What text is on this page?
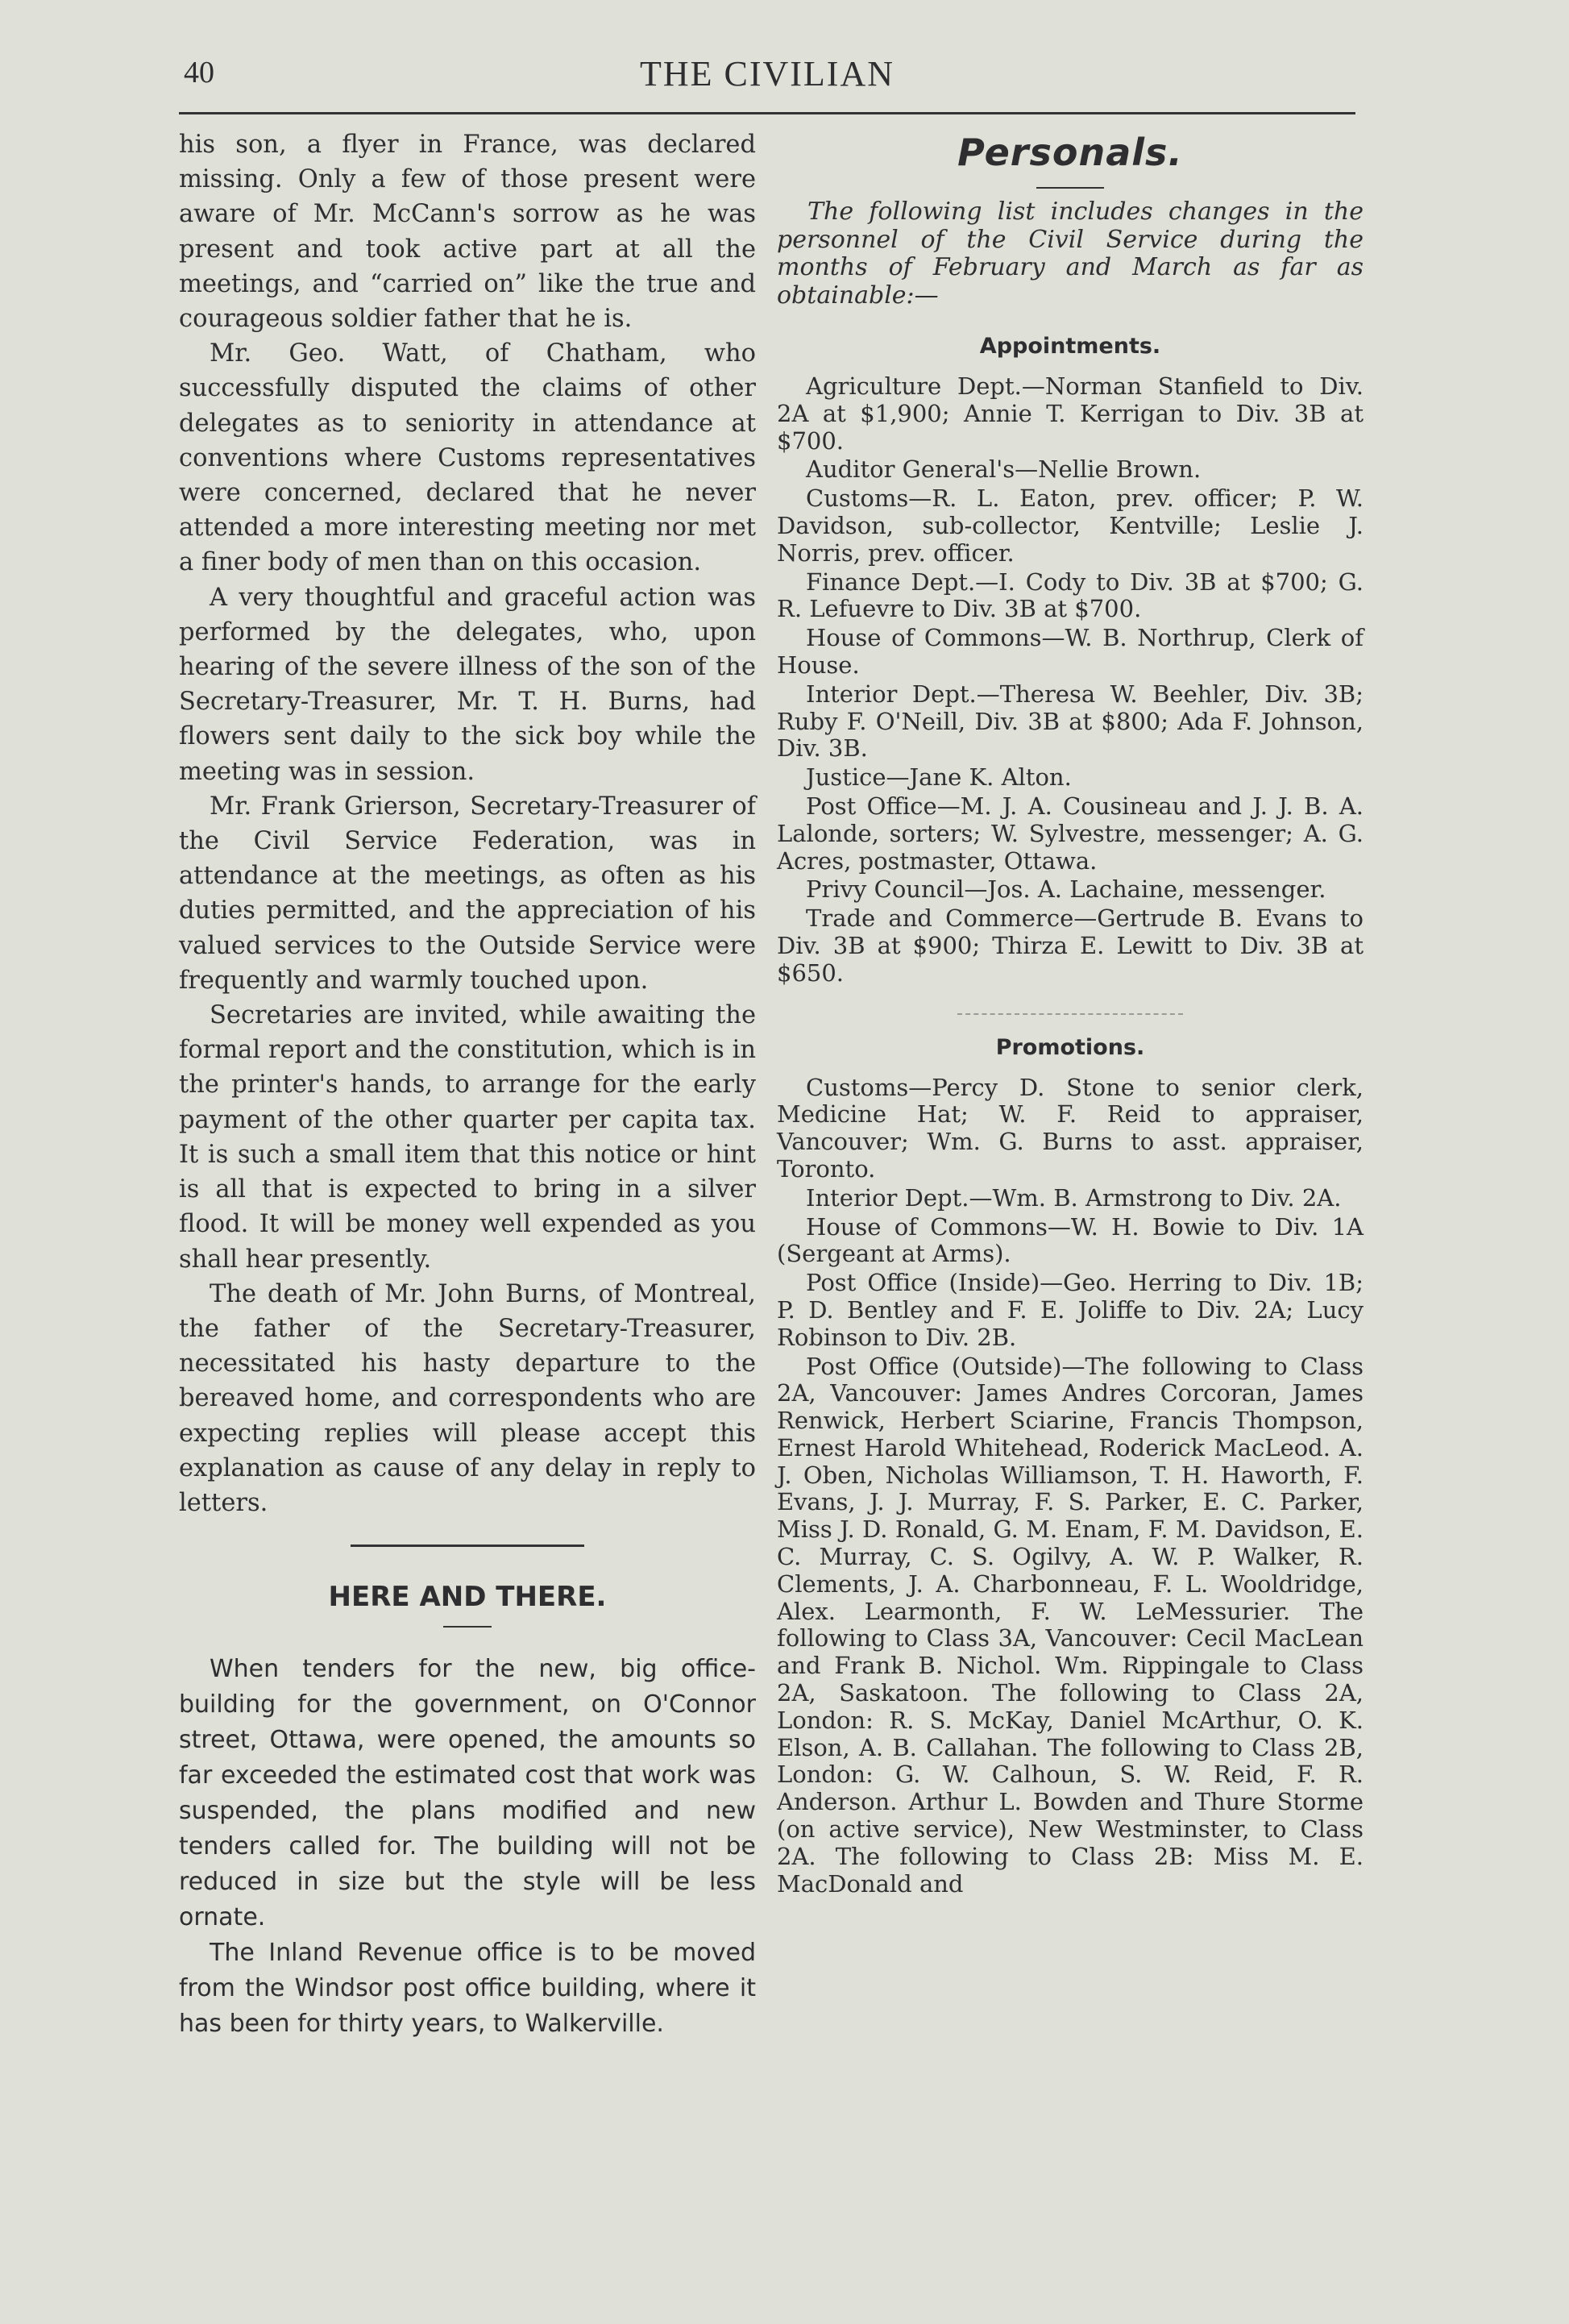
40	THE CIVILIAN

his son, a flyer in France, was declared missing. Only a few of those present were aware of Mr. McCann's sorrow as he was present and took active part at all the meetings, and “carried on” like the true and courageous soldier father that he is.

Mr. Geo. Watt, of Chatham, who successfully disputed the claims of other delegates as to seniority in attendance at conventions where Customs representatives were concerned, declared that he never attended a more interesting meeting nor met a finer body of men than on this occasion.

A very thoughtful and graceful action was performed by the delegates, who, upon hearing of the severe illness of the son of the Secretary-Treasurer, Mr. T. H. Burns, had flowers sent daily to the sick boy while the meeting was in session.

Mr. Frank Grierson, Secretary-Treasurer of the Civil Service Federation, was in attendance at the meetings, as often as his duties permitted, and the appreciation of his valued services to the Outside Service were frequently and warmly touched upon.

Secretaries are invited, while awaiting the formal report and the constitution, which is in the printer's hands, to arrange for the early payment of the other quarter per capita tax. It is such a small item that this notice or hint is all that is expected to bring in a silver flood. It will be money well expended as you shall hear presently.

The death of Mr. John Burns, of Montreal, the father of the Secretary-Treasurer, necessitated his hasty departure to the bereaved home, and correspondents who are expecting replies will please accept this explanation as cause of any delay in reply to letters.

HERE AND THERE.

When tenders for the new, big office-building for the government, on O'Connor street, Ottawa, were opened, the amounts so far exceeded the estimated cost that work was suspended, the plans modified and new tenders called for. The building will not be reduced in size but the style will be less ornate.

The Inland Revenue office is to be moved from the Windsor post office building, where it has been for thirty years, to Walkerville.

Personals.

The following list includes changes in the personnel of the Civil Service during the months of February and March as far as obtainable:—

Appointments.

Agriculture Dept.—Norman Stanfield to Div. 2A at $1,900; Annie T. Kerrigan to Div. 3B at $700.

Auditor General's—Nellie Brown.

Customs—R. L. Eaton, prev. officer; P. W. Davidson, sub-collector, Kentville; Leslie J. Norris, prev. officer.

Finance Dept.—I. Cody to Div. 3B at $700; G. R. Lefuevre to Div. 3B at $700.

House of Commons—W. B. Northrup, Clerk of House.

Interior Dept.—Theresa W. Beehler, Div. 3B; Ruby F. O'Neill, Div. 3B at $800; Ada F. Johnson, Div. 3B.

Justice—Jane K. Alton.

Post Office—M. J. A. Cousineau and J. J. B. A. Lalonde, sorters; W. Sylvestre, messenger; A. G. Acres, postmaster, Ottawa.

Privy Council—Jos. A. Lachaine, messenger.

Trade and Commerce—Gertrude B. Evans to Div. 3B at $900; Thirza E. Lewitt to Div. 3B at $650.

Promotions.

Customs—Percy D. Stone to senior clerk, Medicine Hat; W. F. Reid to appraiser, Vancouver; Wm. G. Burns to asst. appraiser, Toronto.

Interior Dept.—Wm. B. Armstrong to Div. 2A.

House of Commons—W. H. Bowie to Div. 1A (Sergeant at Arms).

Post Office (Inside)—Geo. Herring to Div. 1B; P. D. Bentley and F. E. Joliffe to Div. 2A; Lucy Robinson to Div. 2B.

Post Office (Outside)—The following to Class 2A, Vancouver: James Andres Corcoran, James Renwick, Herbert Sciarine, Francis Thompson, Ernest Harold Whitehead, Roderick MacLeod. A. J. Oben, Nicholas Williamson, T. H. Haworth, F. Evans, J. J. Murray, F. S. Parker, E. C. Parker, Miss J. D. Ronald, G. M. Enam, F. M. Davidson, E. C. Murray, C. S. Ogilvy, A. W. P. Walker, R. Clements, J. A. Charbonneau, F. L. Wooldridge, Alex. Learmonth, F. W. LeMessurier. The following to Class 3A, Vancouver: Cecil MacLean and Frank B. Nichol. Wm. Rippingale to Class 2A, Saskatoon. The following to Class 2A, London: R. S. McKay, Daniel McArthur, O. K. Elson, A. B. Callahan. The following to Class 2B, London: G. W. Calhoun, S. W. Reid, F. R. Anderson. Arthur L. Bowden and Thure Storme (on active service), New Westminster, to Class 2A. The following to Class 2B: Miss M. E. MacDonald and
